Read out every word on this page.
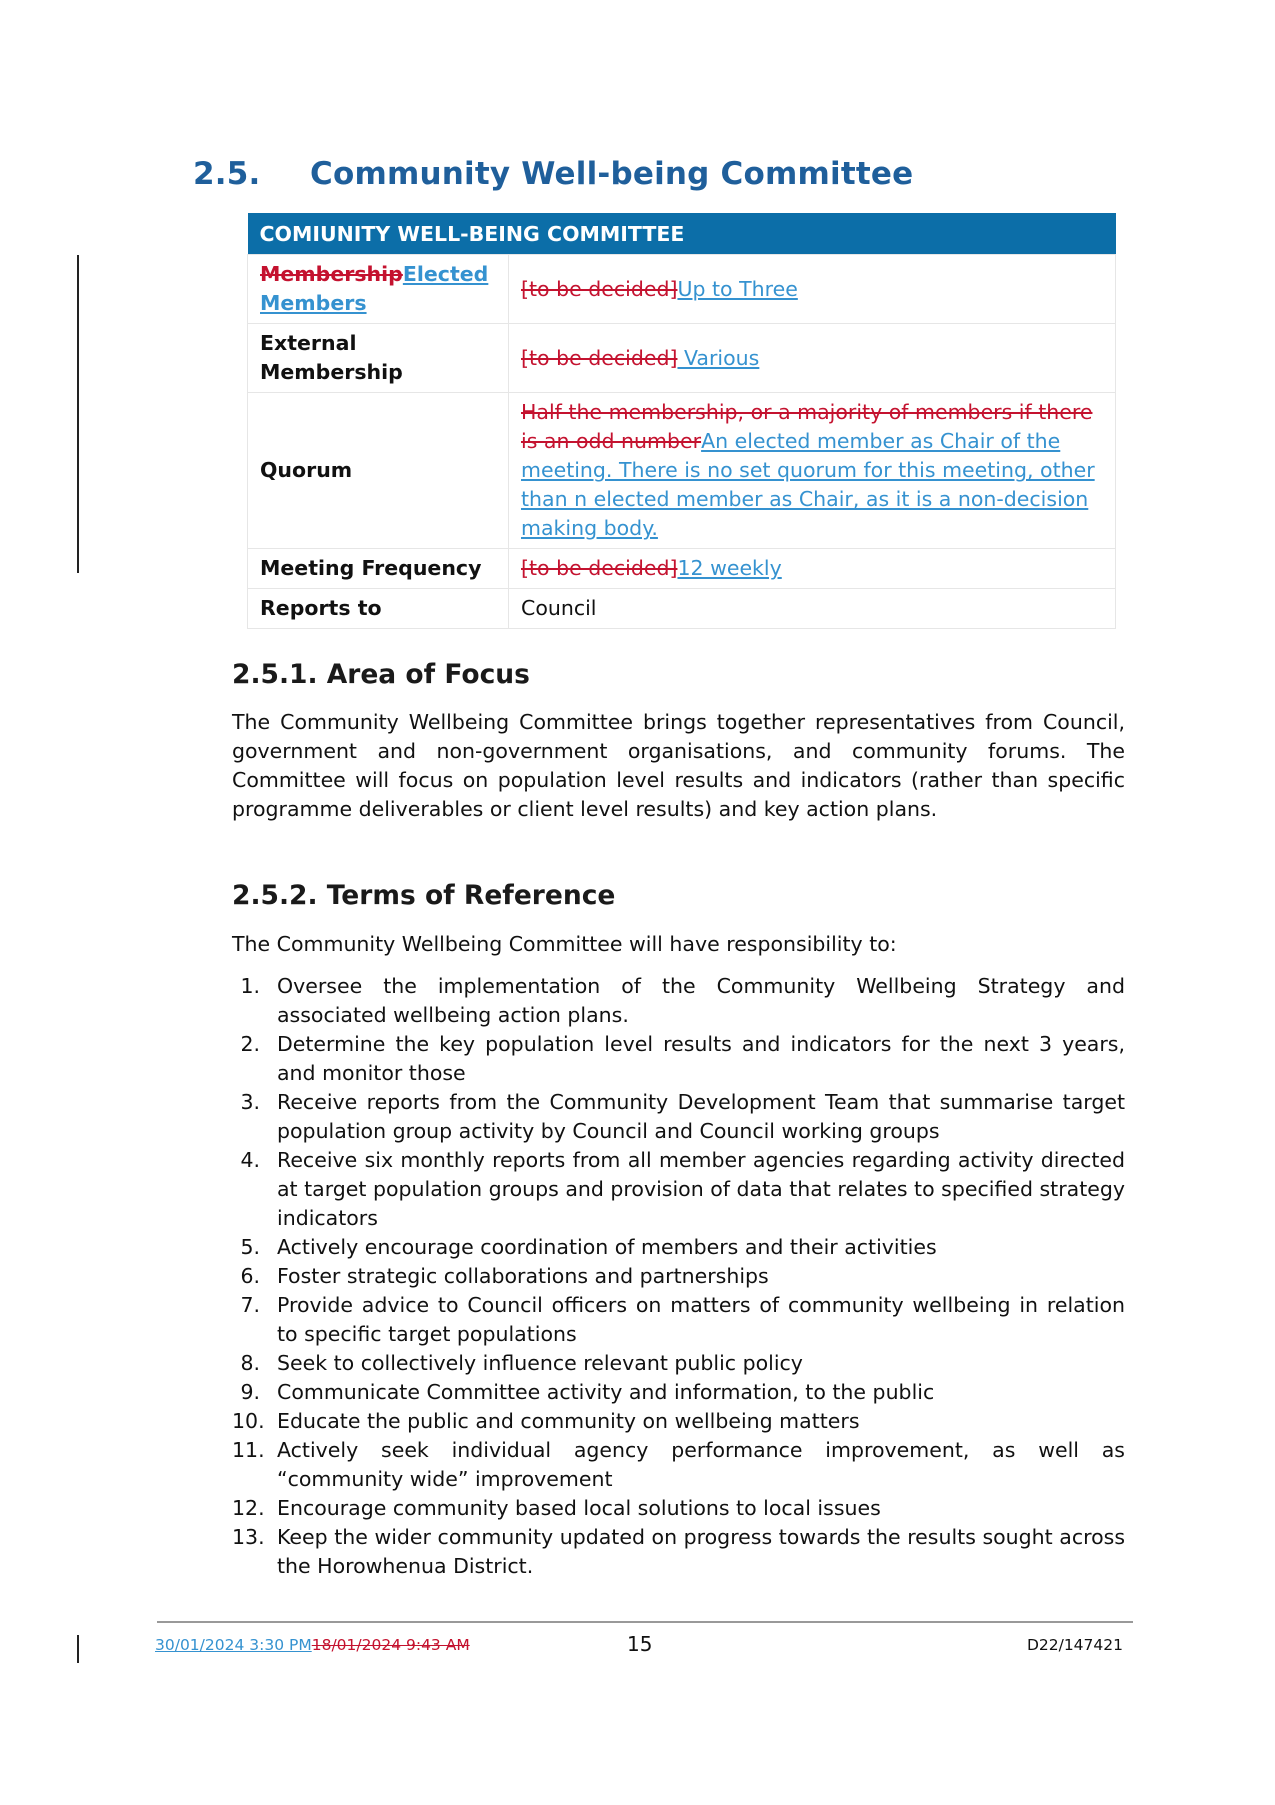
2.5. Community Well-being Committee
COMIUNITY WELL-BEING COMMITTEE	
MembershipElected Members	[to be decided]Up to Three
External Membership	[to be decided] Various
Quorum	Half the membership, or a majority of members if there is an odd numberAn elected member as Chair of the meeting. There is no set quorum for this meeting, other than n elected member as Chair, as it is a non-decision making body.
Meeting Frequency	[to be decided]12 weekly
Reports to	Council
2.5.1. Area of Focus

The Community Wellbeing Committee brings together representatives from Council, government and non-government organisations, and community forums. The Committee will focus on population level results and indicators (rather than specific programme deliverables or client level results) and key action plans.

2.5.2. Terms of Reference

The Community Wellbeing Committee will have responsibility to:

1. Oversee the implementation of the Community Wellbeing Strategy and associated wellbeing action plans.
2. Determine the key population level results and indicators for the next 3 years, and monitor those
3. Receive reports from the Community Development Team that summarise target population group activity by Council and Council working groups
4. Receive six monthly reports from all member agencies regarding activity directed at target population groups and provision of data that relates to specified strategy indicators
5. Actively encourage coordination of members and their activities
6. Foster strategic collaborations and partnerships
7. Provide advice to Council officers on matters of community wellbeing in relation to specific target populations
8. Seek to collectively influence relevant public policy
9. Communicate Committee activity and information, to the public
10. Educate the public and community on wellbeing matters
11. Actively seek individual agency performance improvement, as well as “community wide” improvement
12. Encourage community based local solutions to local issues
13. Keep the wider community updated on progress towards the results sought across the Horowhenua District.
30/01/2024 3:30 PM18/01/2024 9:43 AM	15	D22/147421
